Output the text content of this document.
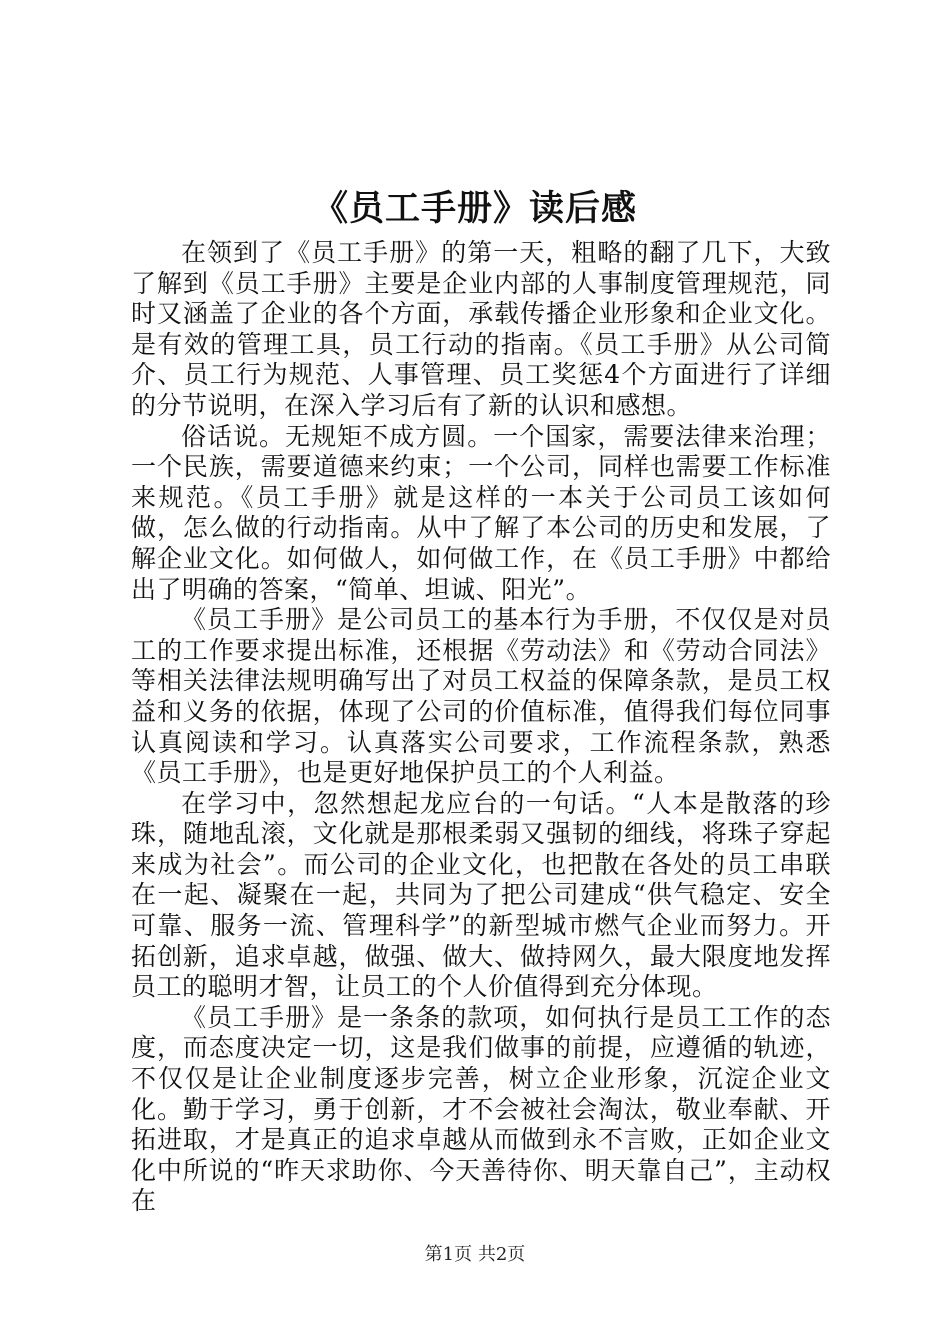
《员工手册》读后感

在领到了《员工手册》的第一天，粗略的翻了几下，大致了解到《员工手册》主要是企业内部的人事制度管理规范，同时又涵盖了企业的各个方面，承载传播企业形象和企业文化。是有效的管理工具，员工行动的指南。《员工手册》从公司简介、员工行为规范、人事管理、员工奖惩4个方面进行了详细的分节说明，在深入学习后有了新的认识和感想。

俗话说。无规矩不成方圆。一个国家，需要法律来治理；一个民族，需要道德来约束；一个公司，同样也需要工作标准来规范。《员工手册》就是这样的一本关于公司员工该如何做，怎么做的行动指南。从中了解了本公司的历史和发展，了解企业文化。如何做人，如何做工作，在《员工手册》中都给出了明确的答案，“简单、坦诚、阳光”。

《员工手册》是公司员工的基本行为手册，不仅仅是对员工的工作要求提出标准，还根据《劳动法》和《劳动合同法》等相关法律法规明确写出了对员工权益的保障条款，是员工权益和义务的依据，体现了公司的价值标准，值得我们每位同事认真阅读和学习。认真落实公司要求，工作流程条款，熟悉《员工手册》，也是更好地保护员工的个人利益。

在学习中，忽然想起龙应台的一句话。“人本是散落的珍珠，随地乱滚，文化就是那根柔弱又强韧的细线，将珠子穿起来成为社会”。而公司的企业文化，也把散在各处的员工串联在一起、凝聚在一起，共同为了把公司建成“供气稳定、安全可靠、服务一流、管理科学”的新型城市燃气企业而努力。开拓创新，追求卓越，做强、做大、做持网久，最大限度地发挥员工的聪明才智，让员工的个人价值得到充分体现。

《员工手册》是一条条的款项，如何执行是员工工作的态度，而态度决定一切，这是我们做事的前提，应遵循的轨迹，不仅仅是让企业制度逐步完善，树立企业形象，沉淀企业文化。勤于学习，勇于创新，才不会被社会淘汰，敬业奉献、开拓进取，才是真正的追求卓越从而做到永不言败，正如企业文化中所说的“昨天求助你、今天善待你、明天靠自己”，主动权在

第1页 共2页
